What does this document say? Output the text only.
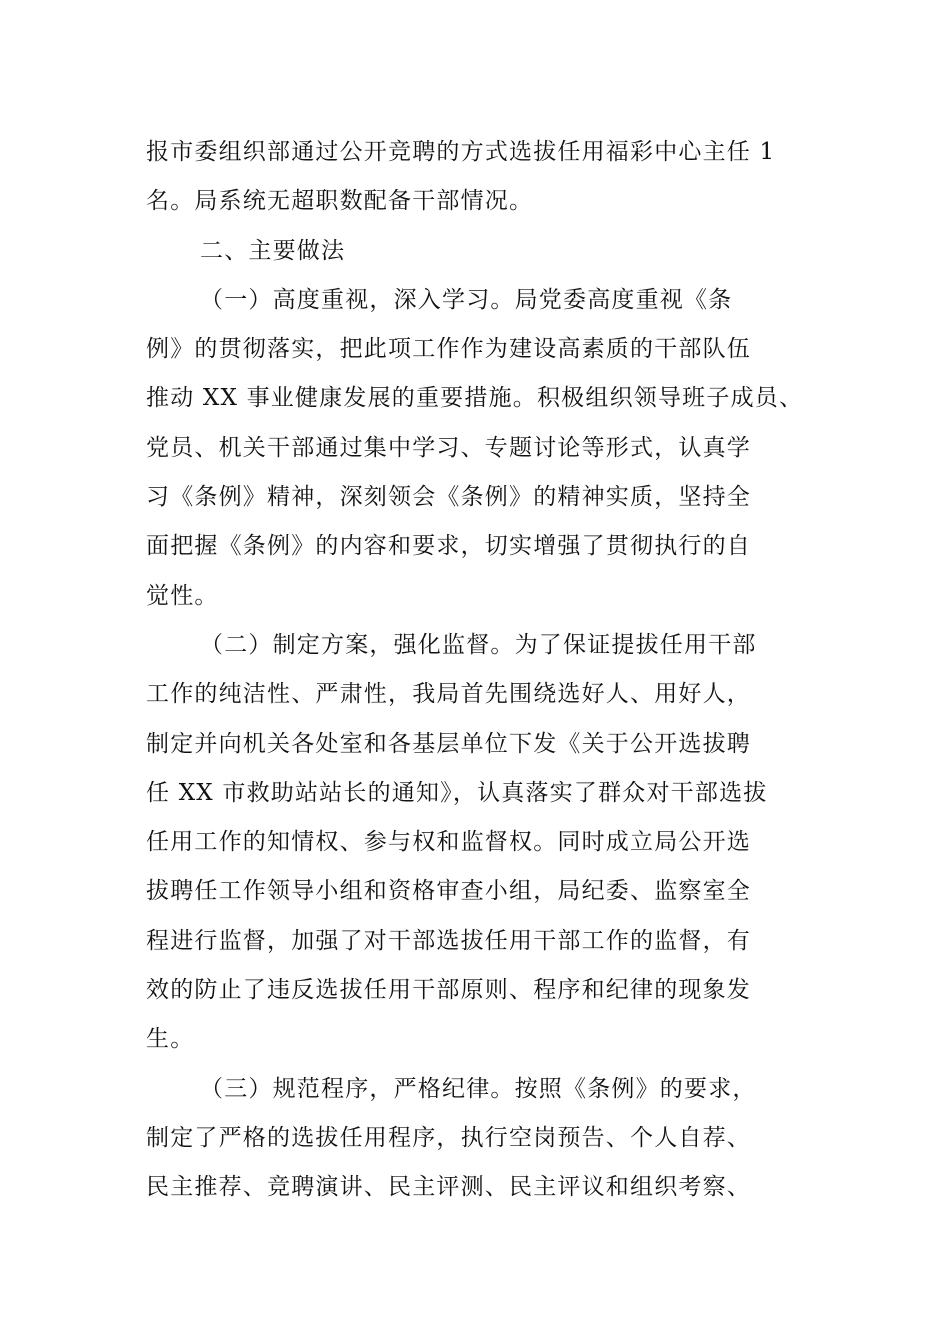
报市委组织部通过公开竞聘的方式选拔任用福彩中心主任 1
名。局系统无超职数配备干部情况。
二、主要做法
（一）高度重视，深入学习。局党委高度重视《条
例》的贯彻落实，把此项工作作为建设高素质的干部队伍
推动 XX 事业健康发展的重要措施。积极组织领导班子成员、
党员、机关干部通过集中学习、专题讨论等形式，认真学
习《条例》精神，深刻领会《条例》的精神实质，坚持全
面把握《条例》的内容和要求，切实增强了贯彻执行的自
觉性。
（二）制定方案，强化监督。为了保证提拔任用干部
工作的纯洁性、严肃性，我局首先围绕选好人、用好人，
制定并向机关各处室和各基层单位下发《关于公开选拔聘
任 XX 市救助站站长的通知》，认真落实了群众对干部选拔
任用工作的知情权、参与权和监督权。同时成立局公开选
拔聘任工作领导小组和资格审查小组，局纪委、监察室全
程进行监督，加强了对干部选拔任用干部工作的监督，有
效的防止了违反选拔任用干部原则、程序和纪律的现象发
生。
（三）规范程序，严格纪律。按照《条例》的要求，
制定了严格的选拔任用程序，执行空岗预告、个人自荐、
民主推荐、竞聘演讲、民主评测、民主评议和组织考察、
